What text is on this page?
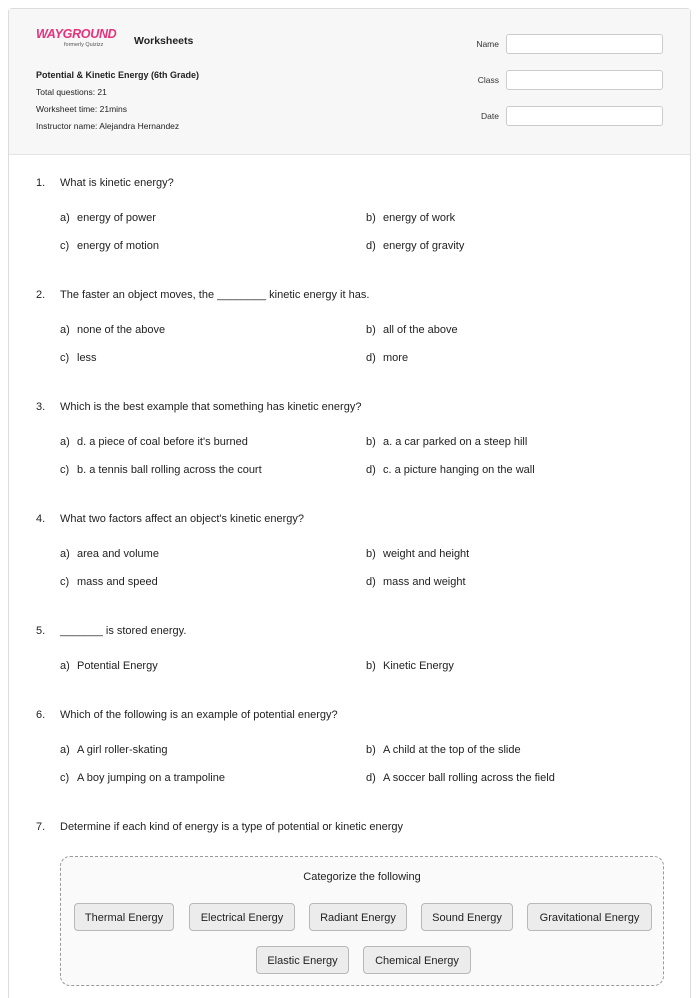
WAYGROUND
formerly Quizizz	Worksheets
Potential & Kinetic Energy (6th Grade)
Total questions: 21
Worksheet time: 21mins
Instructor name: Alejandra Hernandez
Name
Class
Date
1. What is kinetic energy?
a) energy of power	b) energy of work
c) energy of motion	d) energy of gravity
2. The faster an object moves, the ________ kinetic energy it has.
a) none of the above	b) all of the above
c) less	d) more
3. Which is the best example that something has kinetic energy?
a) d. a piece of coal before it's burned	b) a. a car parked on a steep hill
c) b. a tennis ball rolling across the court	d) c. a picture hanging on the wall
4. What two factors affect an object's kinetic energy?
a) area and volume	b) weight and height
c) mass and speed	d) mass and weight
5. _______ is stored energy.
a) Potential Energy	b) Kinetic Energy
6. Which of the following is an example of potential energy?
a) A girl roller-skating	b) A child at the top of the slide
c) A boy jumping on a trampoline	d) A soccer ball rolling across the field
7. Determine if each kind of energy is a type of potential or kinetic energy
Categorize the following
Thermal Energy	Electrical Energy	Radiant Energy	Sound Energy	Gravitational Energy
Elastic Energy	Chemical Energy
